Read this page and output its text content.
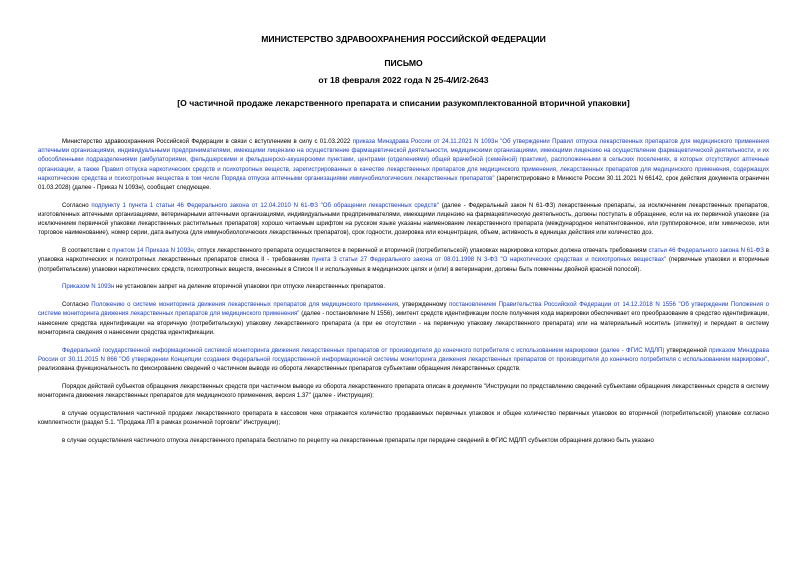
МИНИСТЕРСТВО ЗДРАВООХРАНЕНИЯ РОССИЙСКОЙ ФЕДЕРАЦИИ
ПИСЬМО
от 18 февраля 2022 года N 25-4/И/2-2643
[О частичной продаже лекарственного препарата и списании разукомплектованной вторичной упаковки]

Министерство здравоохранения Российской Федерации в связи с вступлением в силу с 01.03.2022 приказа Минздрава России от 24.11.2021 N 1093н "Об утверждении Правил отпуска лекарственных препаратов для медицинского применения аптечными организациями, индивидуальными предпринимателями, имеющими лицензию на осуществление фармацевтической деятельности, медицинскими организациями, имеющими лицензию на осуществление фармацевтической деятельности, и их обособленными подразделениями (амбулаториями, фельдшерскими и фельдшерско-акушерскими пунктами, центрами (отделениями) общей врачебной (семейной) практики), расположенными в сельских поселениях, в которых отсутствуют аптечные организации, а также Правил отпуска наркотических средств и психотропных веществ, зарегистрированных в качестве лекарственных препаратов для медицинского применения, лекарственных препаратов для медицинского применения, содержащих наркотические средства и психотропные вещества в том числе Порядка отпуска аптечными организациями иммунобиологических лекарственных препаратов" (зарегистрировано в Минюсте России 30.11.2021 N 66142, срок действия документа ограничен 01.03.2028) (далее - Приказ N 1093н), сообщает следующее.

Согласно подпункту 1 пункта 1 статьи 46 Федерального закона от 12.04.2010 N 61-ФЗ "Об обращении лекарственных средств" (далее - Федеральный закон N 61-ФЗ) лекарственные препараты, за исключением лекарственных препаратов, изготовленных аптечными организациями, ветеринарными аптечными организациями, индивидуальными предпринимателями, имеющими лицензию на фармацевтическую деятельность, должны поступать в обращение, если на их первичной упаковке (за исключением первичной упаковки лекарственных растительных препаратов) хорошо читаемым шрифтом на русском языке указаны наименование лекарственного препарата (международное непатентованное, или группировочное, или химическое, или торговое наименование), номер серии, дата выпуска (для иммунобиологических лекарственных препаратов), срок годности, дозировка или концентрация, объем, активность в единицах действия или количество доз.

В соответствии с пунктом 14 Приказа N 1093н, отпуск лекарственного препарата осуществляется в первичной и вторичной (потребительской) упаковках маркировка которых должна отвечать требованиям статьи 46 Федерального закона N 61-ФЗ в упаковка наркотических и психотропных лекарственных препаратов списка II - требованиям пункта 3 статьи 27 Федерального закона от 08.01.1998 N 3-ФЗ "О наркотических средствах и психотропных веществах" (первичные упаковки и вторичные (потребительские) упаковки наркотических средств, психотропных веществ, внесенных в Список II и используемых в медицинских целях и (или) в ветеринарии, должны быть помечены двойной красной полосой).

Приказом N 1093н не установлен запрет на деление вторичной упаковки при отпуске лекарственных препаратов.

Согласно Положению о системе мониторинга движения лекарственных препаратов для медицинского применения, утвержденному постановлением Правительства Российской Федерации от 14.12.2018 N 1556 "Об утверждении Положения о системе мониторинга движения лекарственных препаратов для медицинского применения" (далее - постановление N 1556), эмитент средств идентификации после получения кода маркировки обеспечивает его преобразование в средство идентификации, нанесение средства идентификации на вторичную (потребительскую) упаковку лекарственного препарата (а при ее отсутствии - на первичную упаковку лекарственного препарата) или на материальный носитель (этикетку) и передает в систему мониторинга сведения о нанесении средства идентификации.

Федеральной государственной информационной системой мониторинга движения лекарственных препаратов от производителя до конечного потребителя с использованием маркировки (далее - ФГИС МДЛП) утвержденной приказом Минздрава России от 30.11.2015 N 866 "Об утверждении Концепции создания Федеральной государственной информационной системы мониторинга движения лекарственных препаратов от производителя до конечного потребителя с использованием маркировки", реализована функциональность по фиксированию сведений о частичном выводе из оборота лекарственных препаратов субъектами обращения лекарственных средств.

Порядок действий субъектов обращения лекарственных средств при частичном выводе из оборота лекарственного препарата описан в документе "Инструкции по представлению сведений субъектами обращения лекарственных средств в систему мониторинга движения лекарственных препаратов для медицинского применения, версия 1.37" (далее - Инструкция):

в случае осуществления частичной продажи лекарственного препарата в кассовом чеке отражается количество продаваемых первичных упаковок и общее количество первичных упаковок во вторичной (потребительской) упаковке согласно комплектности (раздел 5.1. "Продажа ЛП в рамках розничной торговли" Инструкции);

в случае осуществления частичного отпуска лекарственного препарата бесплатно по рецепту на лекарственные препараты при передаче сведений в ФГИС МДЛП субъектом обращения должно быть указано
